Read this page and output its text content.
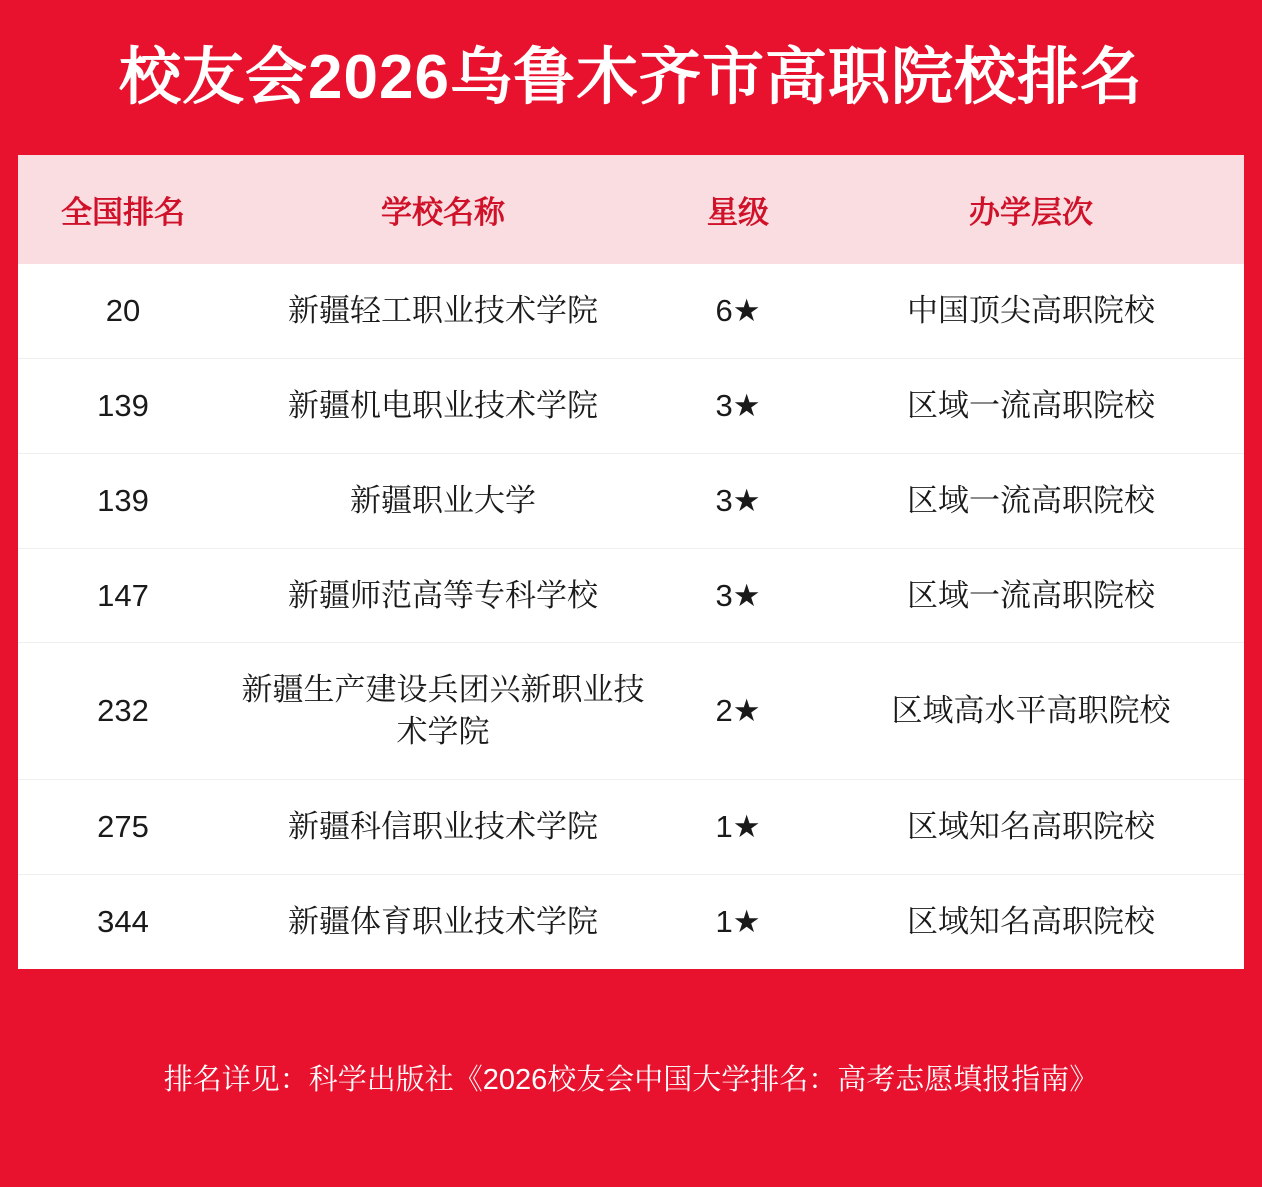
校友会2026乌鲁木齐市高职院校排名
全国排名	学校名称	星级	办学层次
20	新疆轻工职业技术学院	6★	中国顶尖高职院校
139	新疆机电职业技术学院	3★	区域一流高职院校
139	新疆职业大学	3★	区域一流高职院校
147	新疆师范高等专科学校	3★	区域一流高职院校
232	新疆生产建设兵团兴新职业技术学院	2★	区域高水平高职院校
275	新疆科信职业技术学院	1★	区域知名高职院校
344	新疆体育职业技术学院	1★	区域知名高职院校
排名详见：科学出版社《2026校友会中国大学排名：高考志愿填报指南》
